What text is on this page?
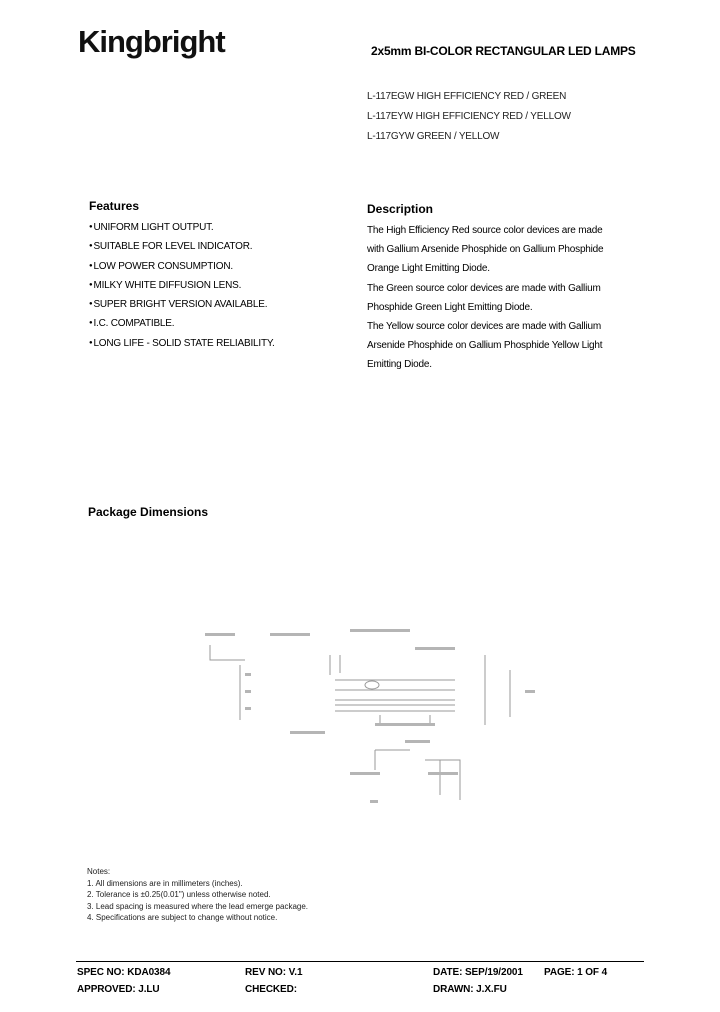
Kingbright	2x5mm BI-COLOR RECTANGULAR LED LAMPS
L-117EGW HIGH EFFICIENCY RED / GREEN
L-117EYW HIGH EFFICIENCY RED / YELLOW
L-117GYW GREEN / YELLOW
Features
● UNIFORM LIGHT OUTPUT.
● SUITABLE FOR LEVEL INDICATOR.
● LOW POWER CONSUMPTION.
● MILKY WHITE DIFFUSION LENS.
● SUPER BRIGHT VERSION AVAILABLE.
● I.C. COMPATIBLE.
● LONG LIFE - SOLID STATE RELIABILITY.
Description

The High Efficiency Red source color devices are made

with Gallium Arsenide Phosphide on Gallium Phosphide

Orange Light Emitting Diode.

The Green source color devices are made with Gallium

Phosphide Green Light Emitting Diode.

The Yellow source color devices are made with Gallium

Arsenide Phosphide on Gallium Phosphide Yellow Light

Emitting Diode.

Package Dimensions
Notes:
1. All dimensions are in millimeters (inches).
2. Tolerance is ±0.25(0.01") unless otherwise noted.
3. Lead spacing is measured where the lead emerge package.
4. Specifications are subject to change without notice.
SPEC NO: KDA0384	REV NO: V.1	DATE: SEP/19/2001 PAGE: 1 OF 4
APPROVED: J.LU	CHECKED:	DRAWN: J.X.FU
